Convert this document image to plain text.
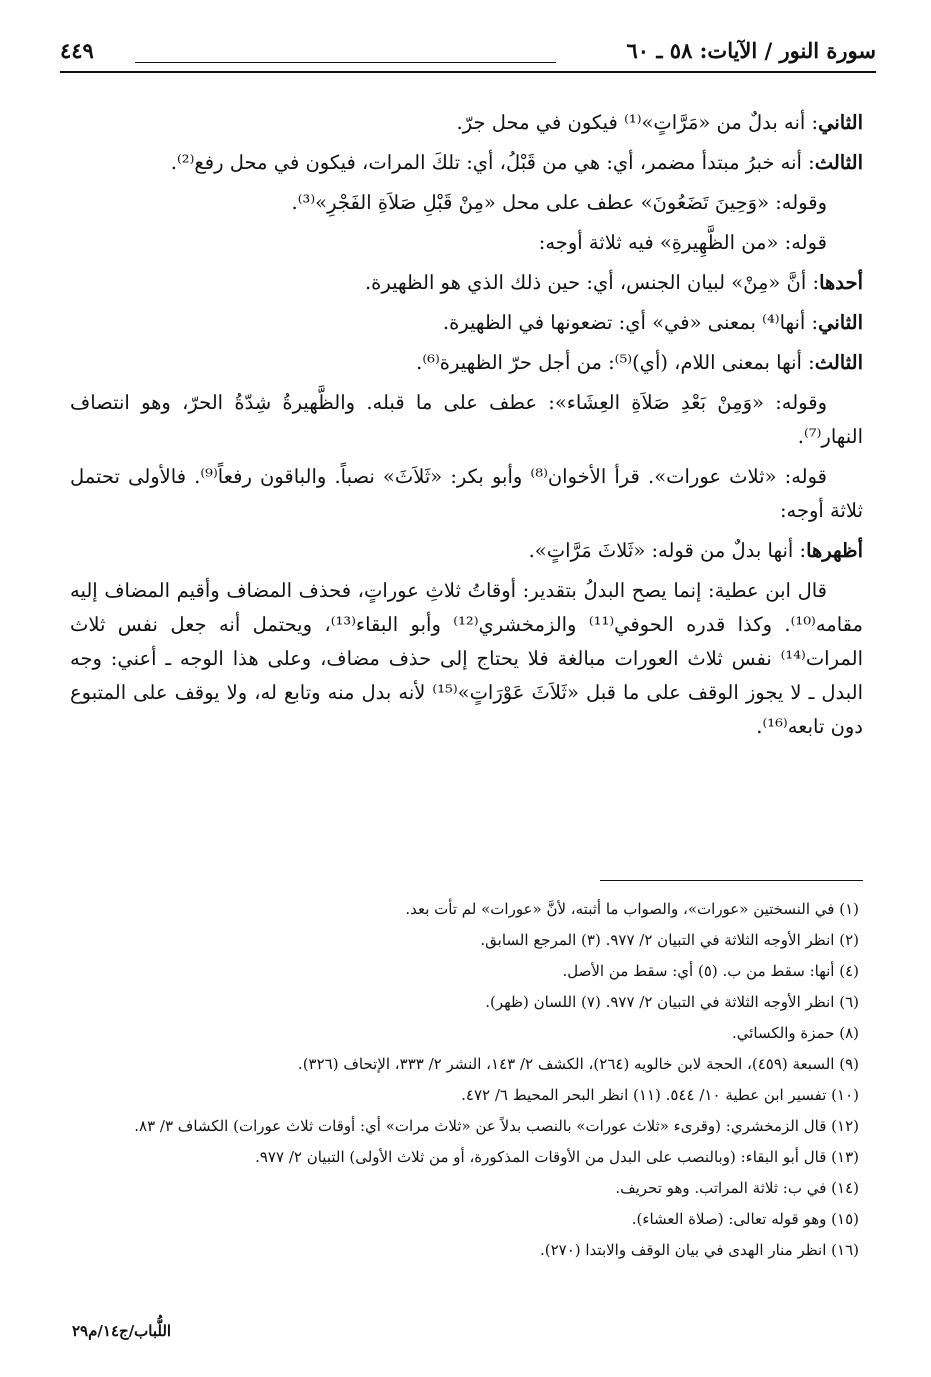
سورة النور / الآيات: ٥٨ ـ ٦٠
٤٤٩

الثاني: أنه بدلٌ من «مَرَّاتٍ»⁽¹⁾ فيكون في محل جرّ.

الثالث: أنه خبرُ مبتدأ مضمر، أي: هي من قَبْلُ، أي: تلكَ المرات، فيكون في محل رفع⁽²⁾.

وقوله: «وَحِينَ تَضَعُونَ» عطف على محل «مِنْ قَبْلِ صَلاَةِ الفَجْرِ»⁽³⁾.

قوله: «من الظَّهِيرةِ» فيه ثلاثة أوجه:

أحدها: أنَّ «مِنْ» لبيان الجنس، أي: حين ذلك الذي هو الظهيرة.

الثاني: أنها⁽⁴⁾ بمعنى «في» أي: تضعونها في الظهيرة.

الثالث: أنها بمعنى اللام، (أي)⁽⁵⁾: من أجل حرّ الظهيرة⁽⁶⁾.

وقوله: «وَمِنْ بَعْدِ صَلاَةِ العِشَاء»: عطف على ما قبله. والظَّهيرةُ شِدّةُ الحرّ، وهو انتصاف النهار⁽⁷⁾.

قوله: «ثلاث عورات». قرأ الأخوان⁽⁸⁾ وأبو بكر: «ثَلاَثَ» نصباً. والباقون رفعاً⁽⁹⁾. فالأولى تحتمل ثلاثة أوجه:

أظهرها: أنها بدلٌ من قوله: «ثَلاثَ مَرَّاتٍ».

قال ابن عطية: إنما يصح البدلُ بتقدير: أوقاتُ ثلاثِ عوراتٍ، فحذف المضاف وأقيم المضاف إليه مقامه⁽¹⁰⁾. وكذا قدره الحوفي⁽¹¹⁾ والزمخشري⁽¹²⁾ وأبو البقاء⁽¹³⁾، ويحتمل أنه جعل نفس ثلاث المرات⁽¹⁴⁾ نفس ثلاث العورات مبالغة فلا يحتاج إلى حذف مضاف، وعلى هذا الوجه ـ أعني: وجه البدل ـ لا يجوز الوقف على ما قبل «ثَلاَثَ عَوْرَاتٍ»⁽¹⁵⁾ لأنه بدل منه وتابع له، ولا يوقف على المتبوع دون تابعه⁽¹⁶⁾.

(١) في النسختين «عورات»، والصواب ما أثبته، لأنَّ «عورات» لم تأت بعد.

(٢) انظر الأوجه الثلاثة في التبيان ٢/ ٩٧٧. (٣) المرجع السابق.

(٤) أنها: سقط من ب. (٥) أي: سقط من الأصل.

(٦) انظر الأوجه الثلاثة في التبيان ٢/ ٩٧٧. (٧) اللسان (ظهر).

(٨) حمزة والكسائي.

(٩) السبعة (٤٥٩)، الحجة لابن خالويه (٢٦٤)، الكشف ٢/ ١٤٣، النشر ٢/ ٣٣٣، الإتحاف (٣٢٦).

(١٠) تفسير ابن عطية ١٠/ ٥٤٤. (١١) انظر البحر المحيط ٦/ ٤٧٢.

(١٢) قال الزمخشري: (وقرىء «ثلاث عورات» بالنصب بدلاً عن «ثلاث مرات» أي: أوقات ثلاث عورات) الكشاف ٣/ ٨٣.

(١٣) قال أبو البقاء: (وبالنصب على البدل من الأوقات المذكورة، أو من ثلاث الأولى) التبيان ٢/ ٩٧٧.

(١٤) في ب: ثلاثة المراتب. وهو تحريف.

(١٥) وهو قوله تعالى: (صلاة العشاء).

(١٦) انظر منار الهدى في بيان الوقف والابتدا (٢٧٠).

اللُّباب/ج١٤/م٢٩
